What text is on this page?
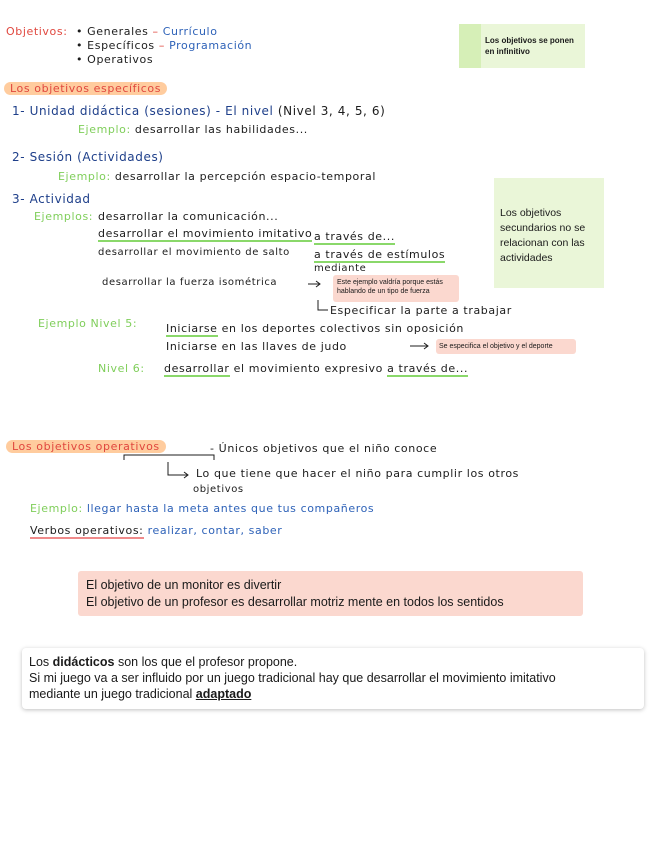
Objetivos: • Generales – Currículo
• Específicos – Programación
• Operativos
Los objetivos se ponen en infinitivo
Los objetivos específicos
1- Unidad didáctica (sesiones) - El nivel (Nivel 3, 4, 5, 6)
Ejemplo: desarrollar las habilidades...
2- Sesión (Actividades)
Ejemplo: desarrollar la percepción espacio-temporal
3- Actividad
Ejemplos: desarrollar la comunicación...
desarrollar el movimiento imitativo a través de...
desarrollar el movimiento de salto a través de estímulos
mediante
desarrollar la fuerza isométrica	Este ejemplo valdría porque estás hablando de un tipo de fuerza
Especificar la parte a trabajar
Ejemplo Nivel 5:	Iniciarse en los deportes colectivos sin oposición
Iniciarse en las llaves de judo	Se especifica el objetivo y el deporte
Nivel 6: desarrollar el movimiento expresivo a través de...
Los objetivos secundarios no se relacionan con las actividades
Los objetivos operativos	- Únicos objetivos que el niño conoce
Lo que tiene que hacer el niño para cumplir los otros
objetivos
Ejemplo: llegar hasta la meta antes que tus compañeros
Verbos operativos: realizar, contar, saber
El objetivo de un monitor es divertir
El objetivo de un profesor es desarrollar motriz mente en todos los sentidos
Los didácticos son los que el profesor propone.
Si mi juego va a ser influido por un juego tradicional hay que desarrollar el movimiento imitativo
mediante un juego tradicional adaptado
